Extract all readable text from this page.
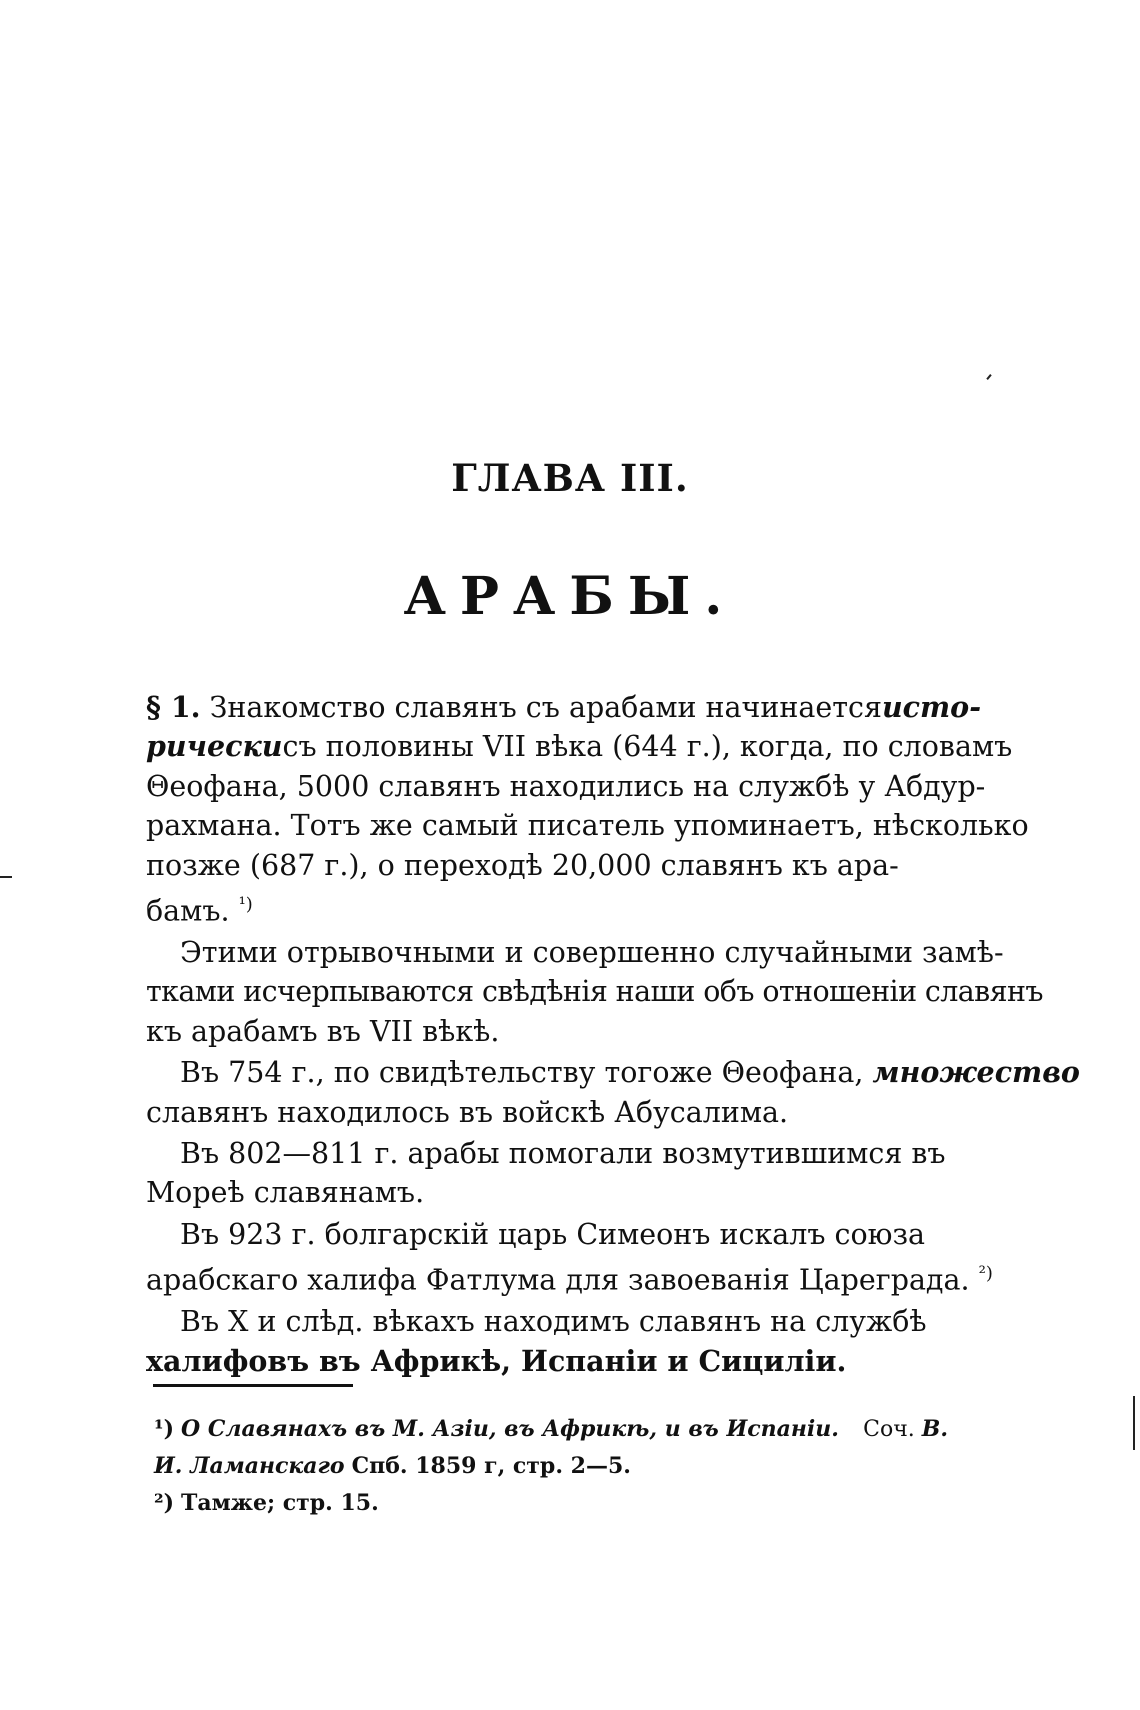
ГЛАВА III.
АРАБЫ.

§ 1. Знакомство славянъ съ арабами начинается исто-
рически съ половины VII вѣка (644 г.), когда, по словамъ
Θеофана, 5000 славянъ находились на службѣ у Абдур-
рахмана. Тотъ же самый писатель упоминаетъ, нѣсколько
позже (687 г.), о переходѣ 20,000 славянъ къ ара-
бамъ. $^{^1)}$

Этими отрывочными и совершенно случайными замѣ-
тками исчерпываются свѣдѣнія наши объ отношеніи славянъ
къ арабамъ въ VII вѣкѣ.

Въ 754 г., по свидѣтельству тогоже Θеофана, множество
славянъ находилось въ войскѣ Абусалима.

Въ 802—811 г. арабы помогали возмутившимся въ
Мореѣ славянамъ.

Въ 923 г. болгарскій царь Симеонъ искалъ союза
арабскаго халифа Фатлума для завоеванія Цареграда. $^{^2)}$

Въ X и слѣд. вѣкахъ находимъ славянъ на службѣ
халифовъ въ Африкѣ, Испаніи и Сициліи.

¹) О Славянахъ въ М. Азіи, въ Африкѣ, и въ Испаніи. Соч. В.
И. Ламанскаго Спб. 1859 г, стр. 2—5.
²) Тамже; стр. 15.
